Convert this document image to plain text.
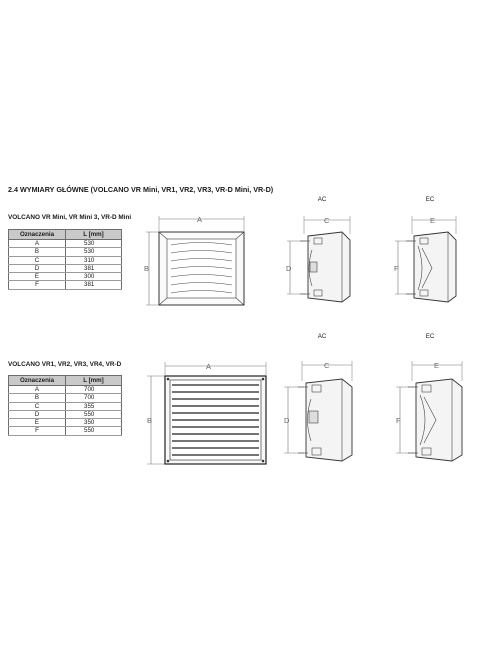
2.4 WYMIARY GŁÓWNE (VOLCANO VR Mini, VR1, VR2, VR3, VR-D Mini, VR-D)
VOLCANO VR Mini, VR Mini 3, VR-D Mini
Oznaczenia	L [mm]
A	530
B	530
C	310
D	381
E	300
F	381
VOLCANO VR1, VR2, VR3, VR4, VR-D
Oznaczenia	L [mm]
A	700
B	700
C	355
D	550
E	350
F	550
AC	EC
AC	EC
A
B
C
D
E
F
A
B
C
D
E
F
